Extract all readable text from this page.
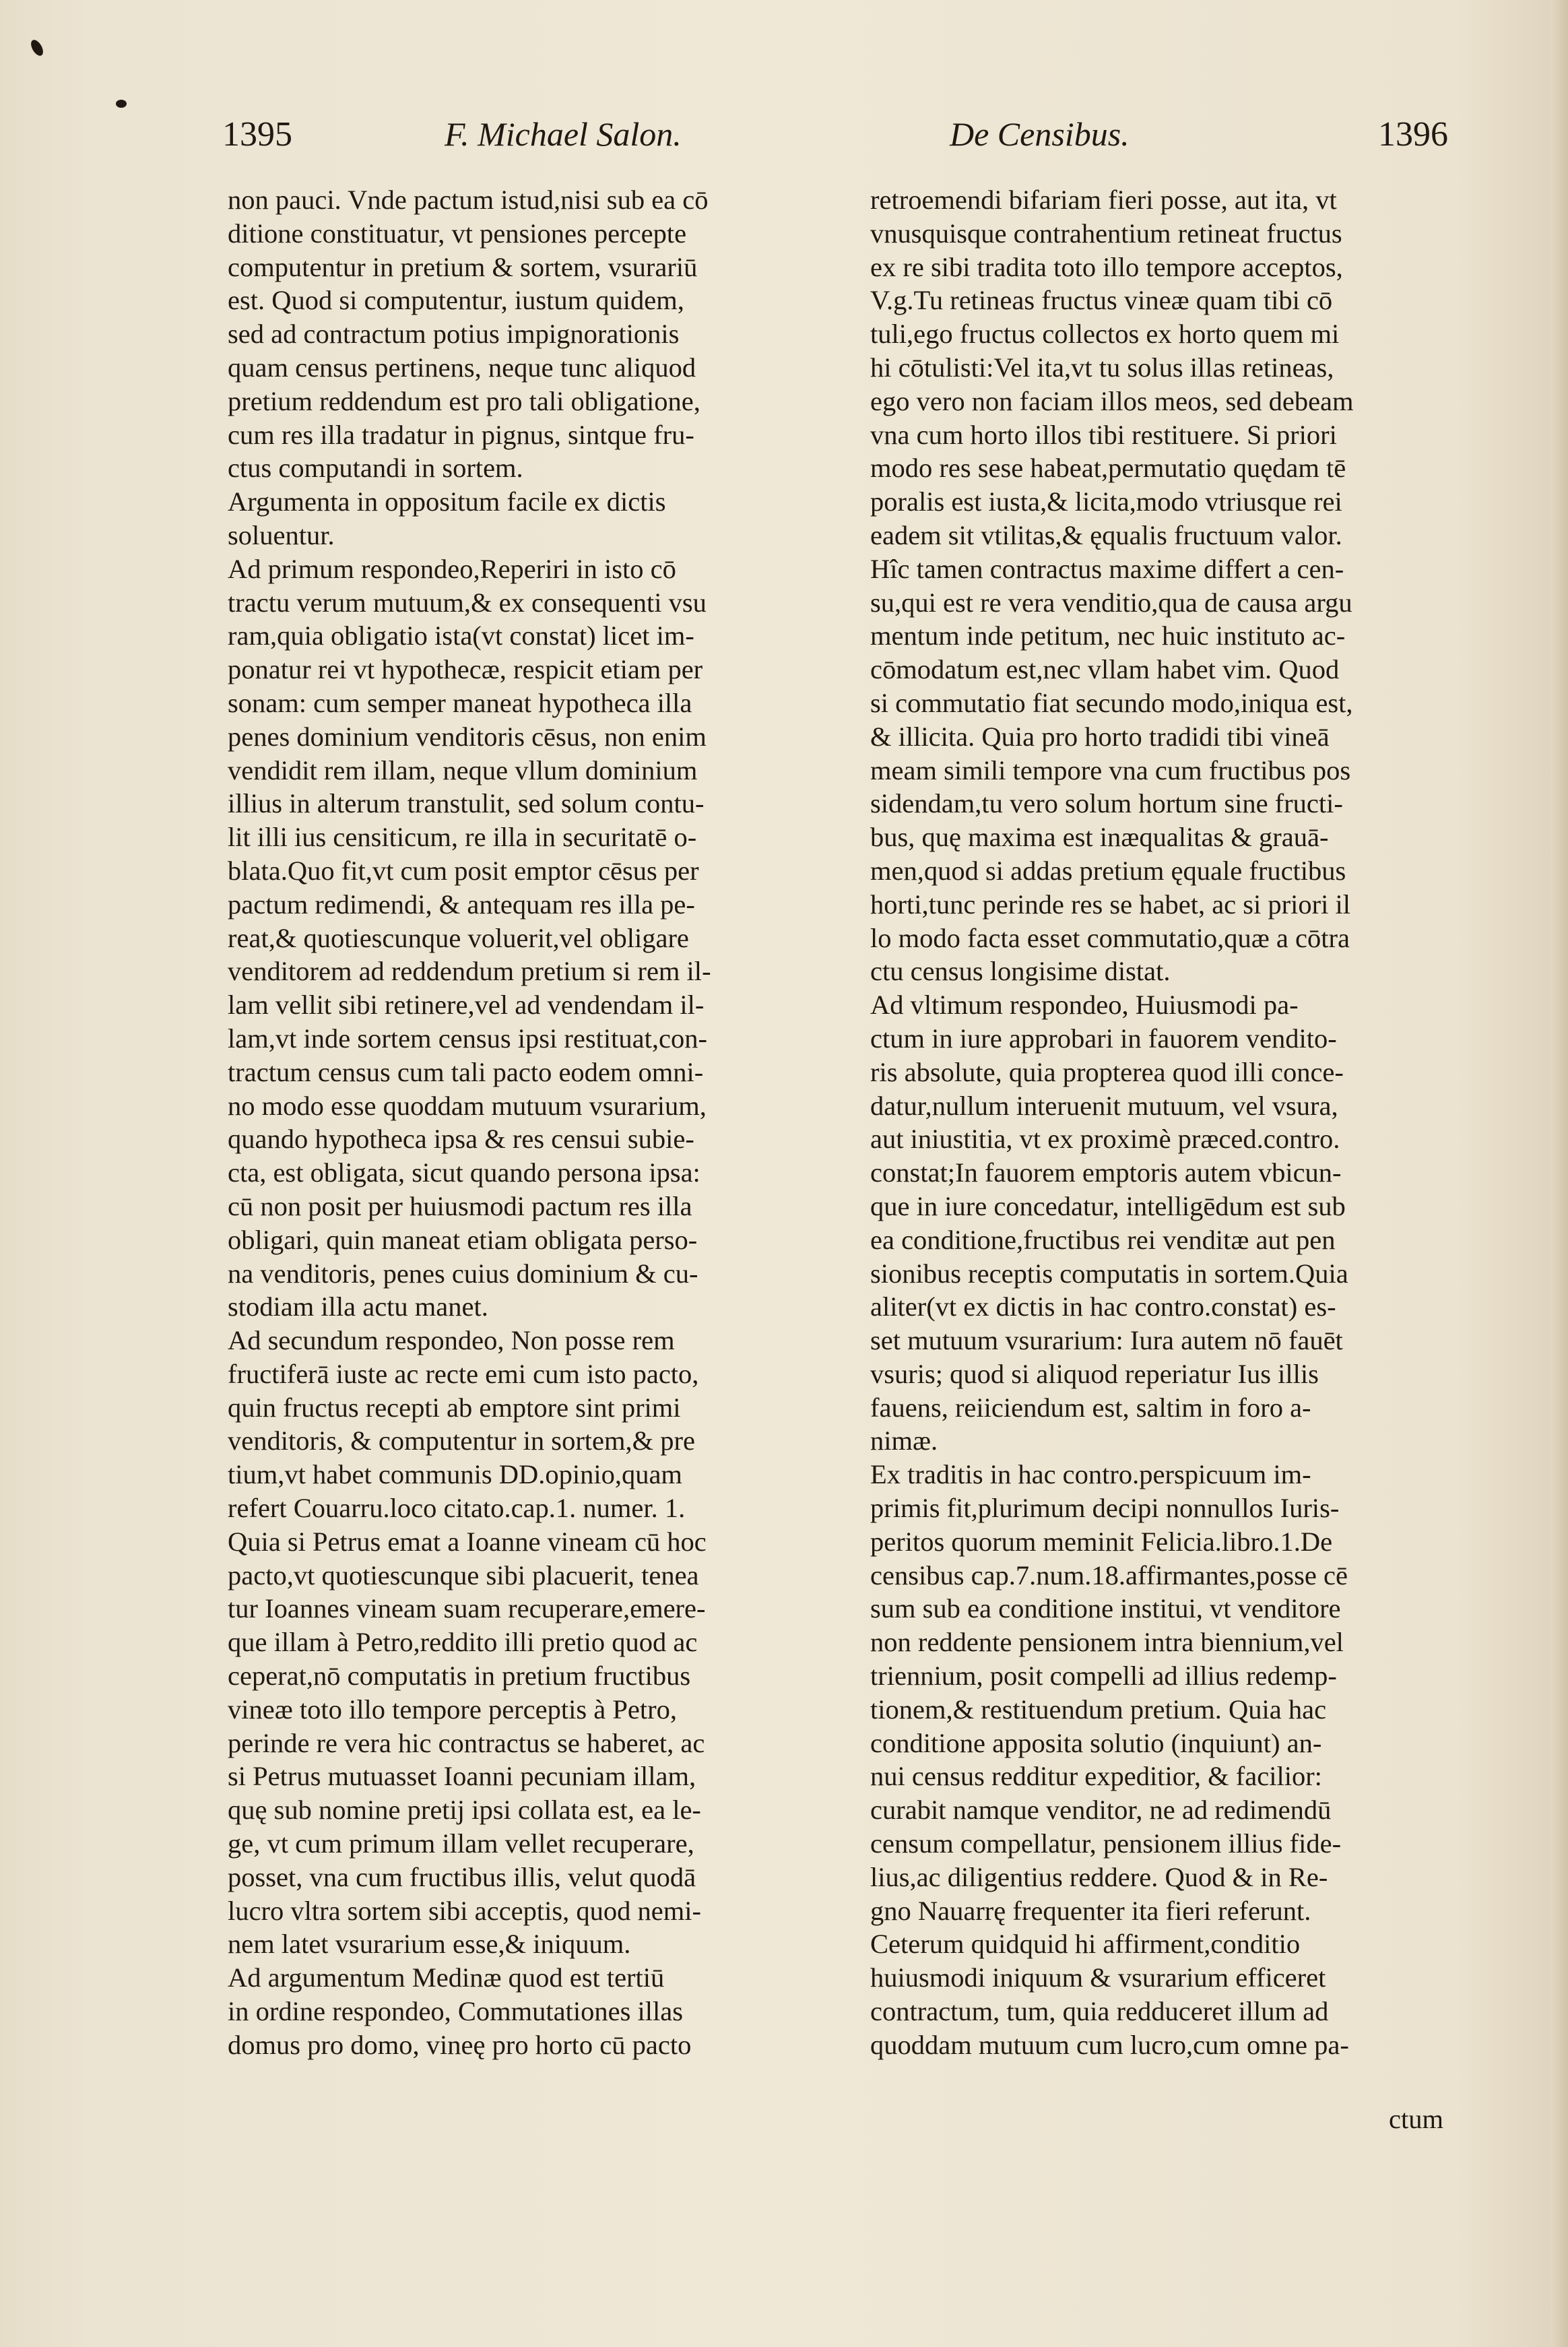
1395	F. Michael Salon.	De Censibus.	1396
non pauci. Vnde pactum istud,nisi sub ea cō
ditione constituatur, vt pensiones percepte
computentur in pretium & sortem, vsurariū
est. Quod si computentur, iustum quidem,
sed ad contractum potius impignorationis
quam census pertinens, neque tunc aliquod
pretium reddendum est pro tali obligatione,
cum res illa tradatur in pignus, sintque fru-
ctus computandi in sortem.
Argumenta in oppositum facile ex dictis
soluentur.
Ad primum respondeo,Reperiri in isto cō
tractu verum mutuum,& ex consequenti vsu
ram,quia obligatio ista(vt constat) licet im-
ponatur rei vt hypothecæ, respicit etiam per
sonam: cum semper maneat hypotheca illa
penes dominium venditoris cēsus, non enim
vendidit rem illam, neque vllum dominium
illius in alterum transtulit, sed solum contu-
lit illi ius censiticum, re illa in securitatē o-
blata.Quo fit,vt cum posit emptor cēsus per
pactum redimendi, & antequam res illa pe-
reat,& quotiescunque voluerit,vel obligare
venditorem ad reddendum pretium si rem il-
lam vellit sibi retinere,vel ad vendendam il-
lam,vt inde sortem census ipsi restituat,con-
tractum census cum tali pacto eodem omni-
no modo esse quoddam mutuum vsurarium,
quando hypotheca ipsa & res censui subie-
cta, est obligata, sicut quando persona ipsa:
cū non posit per huiusmodi pactum res illa
obligari, quin maneat etiam obligata perso-
na venditoris, penes cuius dominium & cu-
stodiam illa actu manet.
Ad secundum respondeo, Non posse rem
fructiferā iuste ac recte emi cum isto pacto,
quin fructus recepti ab emptore sint primi
venditoris, & computentur in sortem,& pre
tium,vt habet communis DD.opinio,quam
refert Couarru.loco citato.cap.1. numer. 1.
Quia si Petrus emat a Ioanne vineam cū hoc
pacto,vt quotiescunque sibi placuerit, tenea
tur Ioannes vineam suam recuperare,emere-
que illam à Petro,reddito illi pretio quod ac
ceperat,nō computatis in pretium fructibus
vineæ toto illo tempore perceptis à Petro,
perinde re vera hic contractus se haberet, ac
si Petrus mutuasset Ioanni pecuniam illam,
quę sub nomine pretij ipsi collata est, ea le-
ge, vt cum primum illam vellet recuperare,
posset, vna cum fructibus illis, velut quodā
lucro vltra sortem sibi acceptis, quod nemi-
nem latet vsurarium esse,& iniquum.
Ad argumentum Medinæ quod est tertiū
in ordine respondeo, Commutationes illas
domus pro domo, vineę pro horto cū pacto
retroemendi bifariam fieri posse, aut ita, vt
vnusquisque contrahentium retineat fructus
ex re sibi tradita toto illo tempore acceptos,
V.g.Tu retineas fructus vineæ quam tibi cō
tuli,ego fructus collectos ex horto quem mi
hi cōtulisti:Vel ita,vt tu solus illas retineas,
ego vero non faciam illos meos, sed debeam
vna cum horto illos tibi restituere. Si priori
modo res sese habeat,permutatio quędam tē
poralis est iusta,& licita,modo vtriusque rei
eadem sit vtilitas,& ęqualis fructuum valor.
Hîc tamen contractus maxime differt a cen-
su,qui est re vera venditio,qua de causa argu
mentum inde petitum, nec huic instituto ac-
cōmodatum est,nec vllam habet vim. Quod
si commutatio fiat secundo modo,iniqua est,
& illicita. Quia pro horto tradidi tibi vineā
meam simili tempore vna cum fructibus pos
sidendam,tu vero solum hortum sine fructi-
bus, quę maxima est inæqualitas & grauā-
men,quod si addas pretium ęquale fructibus
horti,tunc perinde res se habet, ac si priori il
lo modo facta esset commutatio,quæ a cōtra
ctu census longisime distat.
Ad vltimum respondeo, Huiusmodi pa-
ctum in iure approbari in fauorem vendito-
ris absolute, quia propterea quod illi conce-
datur,nullum interuenit mutuum, vel vsura,
aut iniustitia, vt ex proximè præced.contro.
constat;In fauorem emptoris autem vbicun-
que in iure concedatur, intelligēdum est sub
ea conditione,fructibus rei venditæ aut pen
sionibus receptis computatis in sortem.Quia
aliter(vt ex dictis in hac contro.constat) es-
set mutuum vsurarium: Iura autem nō fauēt
vsuris; quod si aliquod reperiatur Ius illis
fauens, reiiciendum est, saltim in foro a-
nimæ.
Ex traditis in hac contro.perspicuum im-
primis fit,plurimum decipi nonnullos Iuris-
peritos quorum meminit Felicia.libro.1.De
censibus cap.7.num.18.affirmantes,posse cē
sum sub ea conditione institui, vt venditore
non reddente pensionem intra biennium,vel
triennium, posit compelli ad illius redemp-
tionem,& restituendum pretium. Quia hac
conditione apposita solutio (inquiunt) an-
nui census redditur expeditior, & facilior:
curabit namque venditor, ne ad redimendū
censum compellatur, pensionem illius fide-
lius,ac diligentius reddere. Quod & in Re-
gno Nauarrę frequenter ita fieri referunt.
Ceterum quidquid hi affirment,conditio
huiusmodi iniquum & vsurarium efficeret
contractum, tum, quia redduceret illum ad
quoddam mutuum cum lucro,cum omne pa-
ctum
